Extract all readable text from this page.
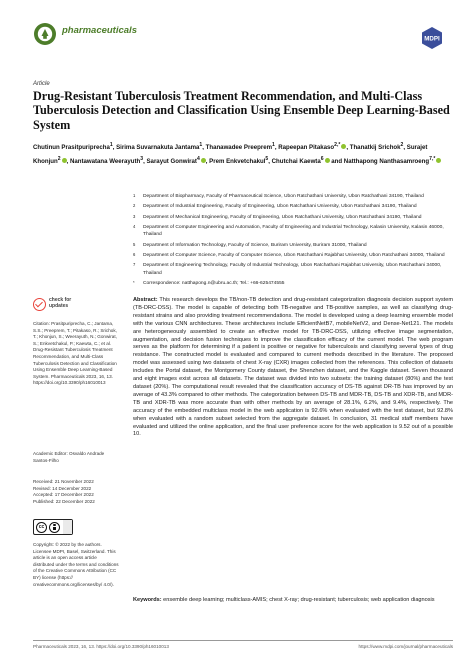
pharmaceuticals
MDPI
Article
Drug-Resistant Tuberculosis Treatment Recommendation, and Multi-Class Tuberculosis Detection and Classification Using Ensemble Deep Learning-Based System
Chutinun Prasitpuriprecha$^1$, Sirima Suvarnakuta Jantama$^1$, Thanawadee Preeprem$^1$, Rapeepan Pitakaso$^{2,*}$ , Thanatkij Srichok$^2$, Surajet Khonjun$^2$ , Nantawatana Weerayuth$^3$, Sarayut Gonwirat$^4$ , Prem Enkvetchakul$^5$, Chutchai Kaewta$^6$ and Natthapong Nanthasamroeng$^{7,*}$
1	Department of Biopharmacy, Faculty of Pharmaceutical Science, Ubon Ratchathani University, Ubon Ratchathani 34190, Thailand
2	Department of Industrial Engineering, Faculty of Engineering, Ubon Ratchathani University, Ubon Ratchathani 34190, Thailand
3	Department of Mechanical Engineering, Faculty of Engineering, Ubon Ratchathani University, Ubon Ratchathani 34190, Thailand
4	Department of Computer Engineering and Automation, Faculty of Engineering and Industrial Technology, Kalasin University, Kalasin 46000, Thailand
5	Department of Information Technology, Faculty of Science, Buriram University, Buriram 31000, Thailand
6	Department of Computer Science, Faculty of Computer Science, Ubon Ratchathani Rajabhat University, Ubon Ratchathani 34000, Thailand
7	Department of Engineering Technology, Faculty of Industrial Technology, Ubon Ratchathani Rajabhat University, Ubon Ratchathani 34000, Thailand
*	Correspondence: natthapong.n@ubru.ac.th; Tel.: +66-625474555
check for
updates
Citation: Prasitpuriprecha, C.; Jantama, S.S.; Preeprem, T.; Pitakaso, R.; Srichok, T.; Khonjun, S.; Weerayuth, N.; Gonwirat, S.; Enkvetchakul, P.; Kaewta, C.; et al. Drug-Resistant Tuberculosis Treatment Recommendation, and Multi-Class Tuberculosis Detection and Classification Using Ensemble Deep Learning-Based System. Pharmaceuticals 2023, 16, 13. https://doi.org/10.3390/ph16010013
Academic Editor: Osvaldo Andrade Santos-Filho
Received: 21 November 2022
Revised: 14 December 2022
Accepted: 17 December 2022
Published: 22 December 2022
cc
Copyright: © 2022 by the authors. Licensee MDPI, Basel, Switzerland. This article is an open access article distributed under the terms and conditions of the Creative Commons Attribution (CC BY) license (https:// creativecommons.org/licenses/by/ 4.0/).
Abstract: This research develops the TB/non-TB detection and drug-resistant categorization diagnosis decision support system (TB-DRC-DSS). The model is capable of detecting both TB-negative and TB-positive samples, as well as classifying drug-resistant strains and also providing treatment recommendations. The model is developed using a deep learning ensemble model with the various CNN architectures. These architectures include EfficientNetB7, mobileNetV2, and Dense-Net121. The models are heterogeneously assembled to create an effective model for TB-DRC-DSS, utilizing effective image segmentation, augmentation, and decision fusion techniques to improve the classification efficacy of the current model. The web program serves as the platform for determining if a patient is positive or negative for tuberculosis and classifying several types of drug resistance. The constructed model is evaluated and compared to current methods described in the literature. The proposed model was assessed using two datasets of chest X-ray (CXR) images collected from the references. This collection of datasets includes the Portal dataset, the Montgomery County dataset, the Shenzhen dataset, and the Kaggle dataset. Seven thousand and eight images exist across all datasets. The dataset was divided into two subsets: the training dataset (80%) and the test dataset (20%). The computational result revealed that the classification accuracy of DS-TB against DR-TB has improved by an average of 43.3% compared to other methods. The categorization between DS-TB and MDR-TB, DS-TB and XDR-TB, and MDR-TB and XDR-TB was more accurate than with other methods by an average of 28.1%, 6.2%, and 9.4%, respectively. The accuracy of the embedded multiclass model in the web application is 92.6% when evaluated with the test dataset, but 92.8% when evaluated with a random subset selected from the aggregate dataset. In conclusion, 31 medical staff members have evaluated and utilized the online application, and the final user preference score for the web application is 9.52 out of a possible 10.
Keywords: ensemble deep learning; multiclass-AMIS; chest X-ray; drug-resistant; tuberculosis; web application diagnosis
Pharmaceuticals 2023, 16, 13. https://doi.org/10.3390/ph16010013	https://www.mdpi.com/journal/pharmaceuticals
